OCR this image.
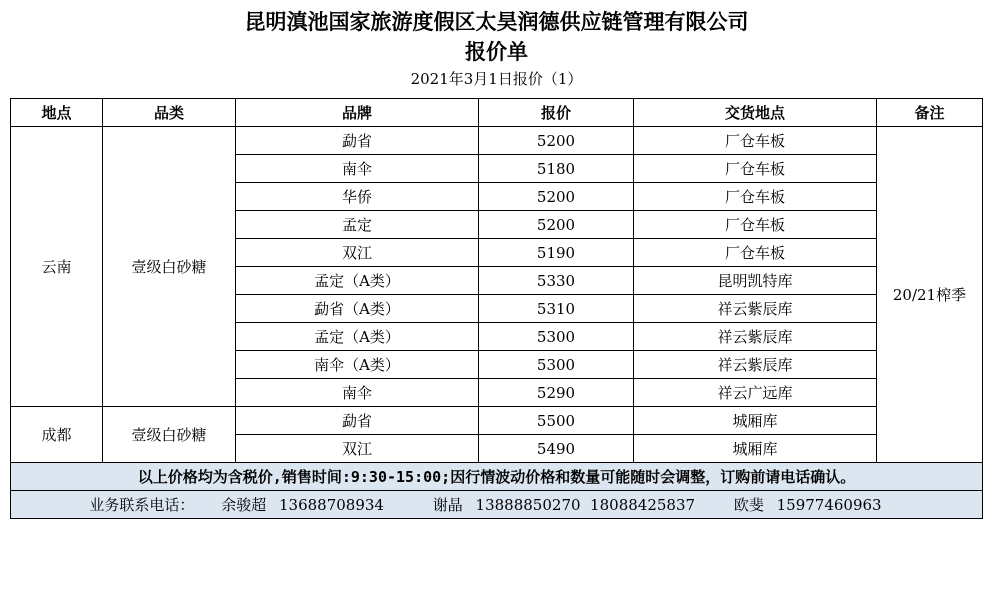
昆明滇池国家旅游度假区太昊润德供应链管理有限公司
报价单
2021年3月1日报价（1）
地点	品类	品牌	报价	交货地点	备注
云南	壹级白砂糖	勐省	5200	厂仓车板	20/21榨季
		南伞	5180	厂仓车板	
		华侨	5200	厂仓车板	
		孟定	5200	厂仓车板	
		双江	5190	厂仓车板	
		孟定（A类）	5330	昆明凯特库	
		勐省（A类）	5310	祥云紫辰库	
		孟定（A类）	5300	祥云紫辰库	
		南伞（A类）	5300	祥云紫辰库	
		南伞	5290	祥云广远库	
成都	壹级白砂糖	勐省	5500	城厢库	
		双江	5490	城厢库	
以上价格均为含税价,销售时间:9:30-15:00;因行情波动价格和数量可能随时会调整，订购前请电话确认。					
业务联系电话： 余骏超 13688708934 谢晶 13888850270  18088425837 欧斐 15977460963					
